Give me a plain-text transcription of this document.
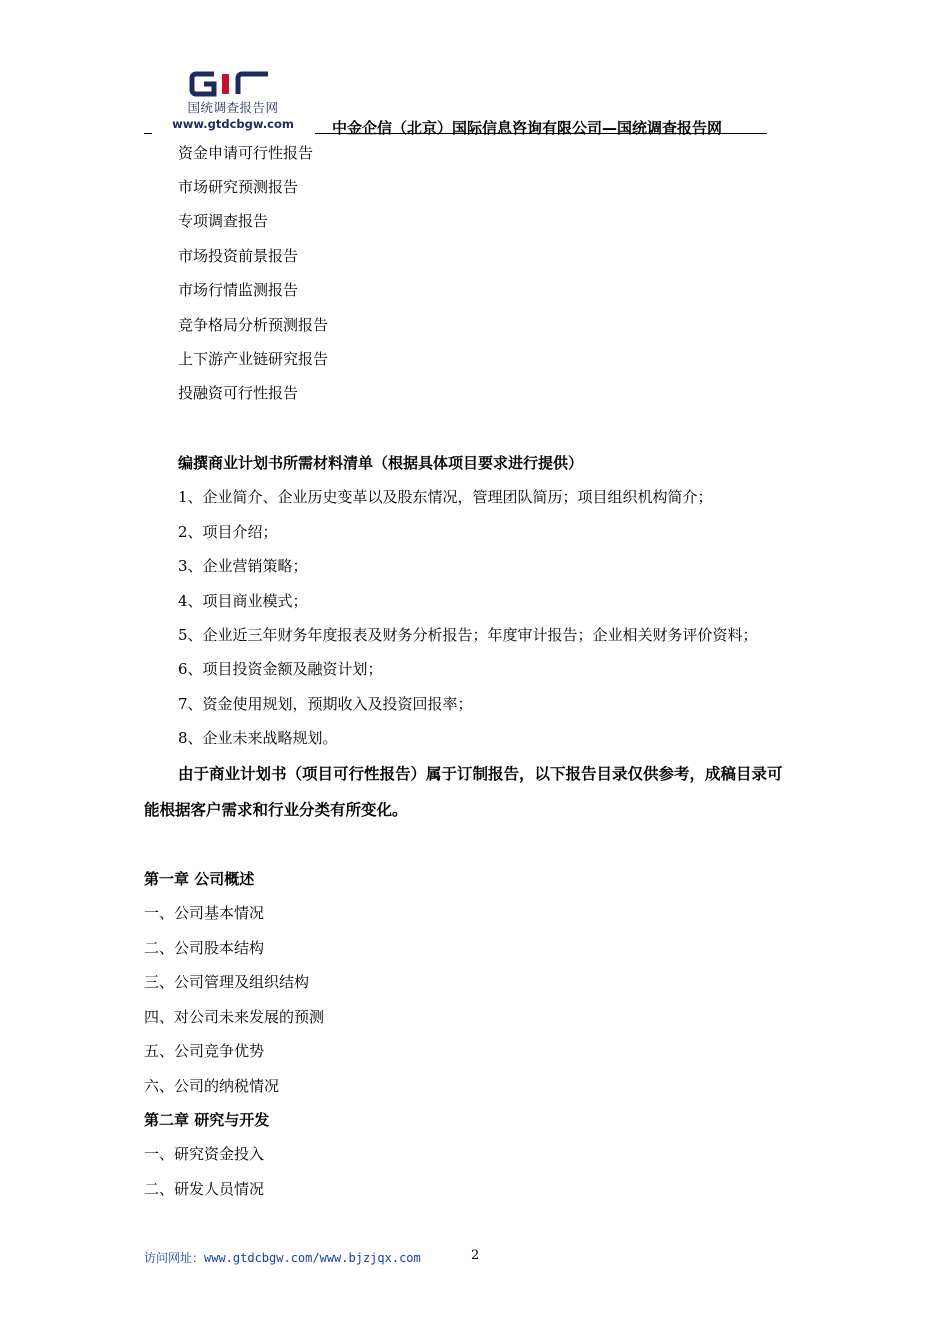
国统调查报告网
www.gtdcbgw.com	中金企信（北京）国际信息咨询有限公司—国统调查报告网
资金申请可行性报告
市场研究预测报告
专项调查报告
市场投资前景报告
市场行情监测报告
竞争格局分析预测报告
上下游产业链研究报告
投融资可行性报告
编撰商业计划书所需材料清单（根据具体项目要求进行提供）
1、企业简介、企业历史变革以及股东情况，管理团队简历；项目组织机构简介；
2、项目介绍；
3、企业营销策略；
4、项目商业模式；
5、企业近三年财务年度报表及财务分析报告；年度审计报告；企业相关财务评价资料；
6、项目投资金额及融资计划；
7、资金使用规划，预期收入及投资回报率；
8、企业未来战略规划。
由于商业计划书（项目可行性报告）属于订制报告，以下报告目录仅供参考，成稿目录可
能根据客户需求和行业分类有所变化。
第一章 公司概述
一、公司基本情况
二、公司股本结构
三、公司管理及组织结构
四、对公司未来发展的预测
五、公司竞争优势
六、公司的纳税情况
第二章 研究与开发
一、研究资金投入
二、研发人员情况
访问网址：www.gtdcbgw.com/www.bjzjqx.com	2
